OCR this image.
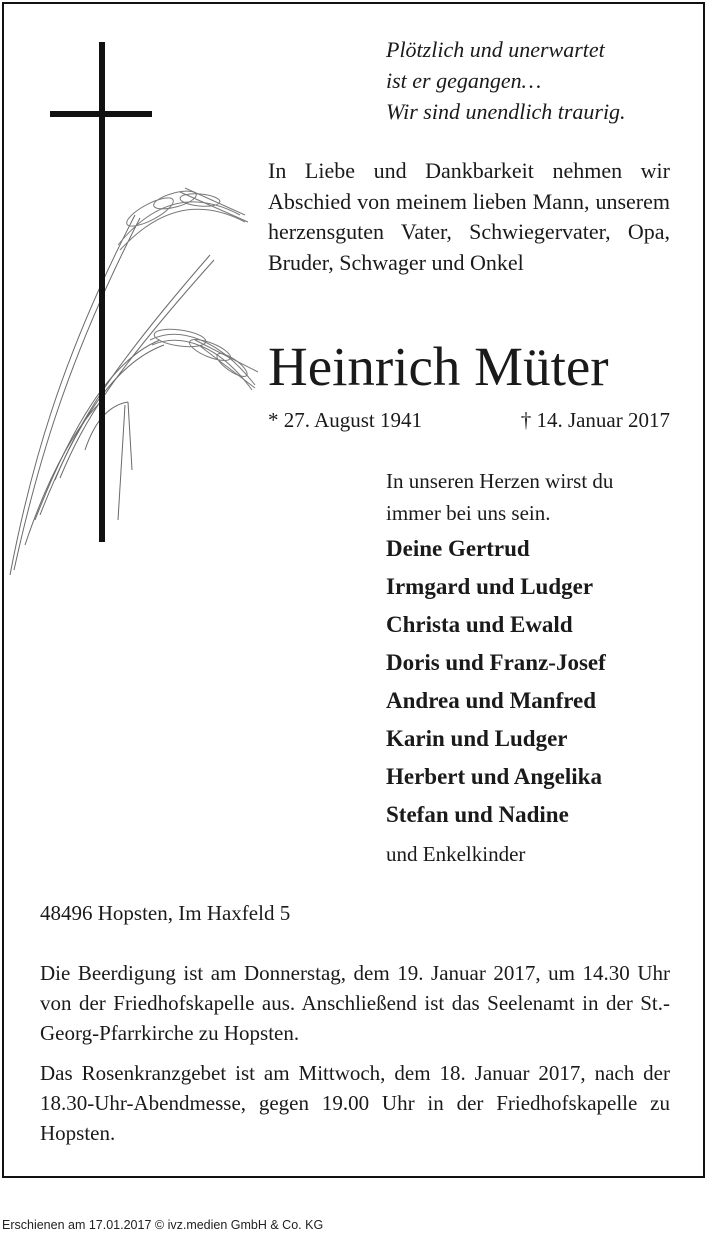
Plötzlich und unerwartet
ist er gegangen…
Wir sind unendlich traurig.

In Liebe und Dankbarkeit nehmen wir Abschied von meinem lieben Mann, unserem herzensguten Vater, Schwiegervater, Opa, Bruder, Schwager und Onkel

Heinrich Müter
* 27. August 1941	† 14. Januar 2017
In unseren Herzen wirst du
immer bei uns sein.
Deine Gertrud
Irmgard und Ludger
Christa und Ewald
Doris und Franz-Josef
Andrea und Manfred
Karin und Ludger
Herbert und Angelika
Stefan und Nadine
und Enkelkinder
48496 Hopsten, Im Haxfeld 5

Die Beerdigung ist am Donnerstag, dem 19. Januar 2017, um 14.30 Uhr von der Friedhofskapelle aus. Anschließend ist das Seelenamt in der St.-Georg-Pfarrkirche zu Hopsten.

Das Rosenkranzgebet ist am Mittwoch, dem 18. Januar 2017, nach der 18.30-Uhr-Abendmesse, gegen 19.00 Uhr in der Friedhofskapelle zu Hopsten.

Erschienen am 17.01.2017 © ivz.medien GmbH & Co. KG
